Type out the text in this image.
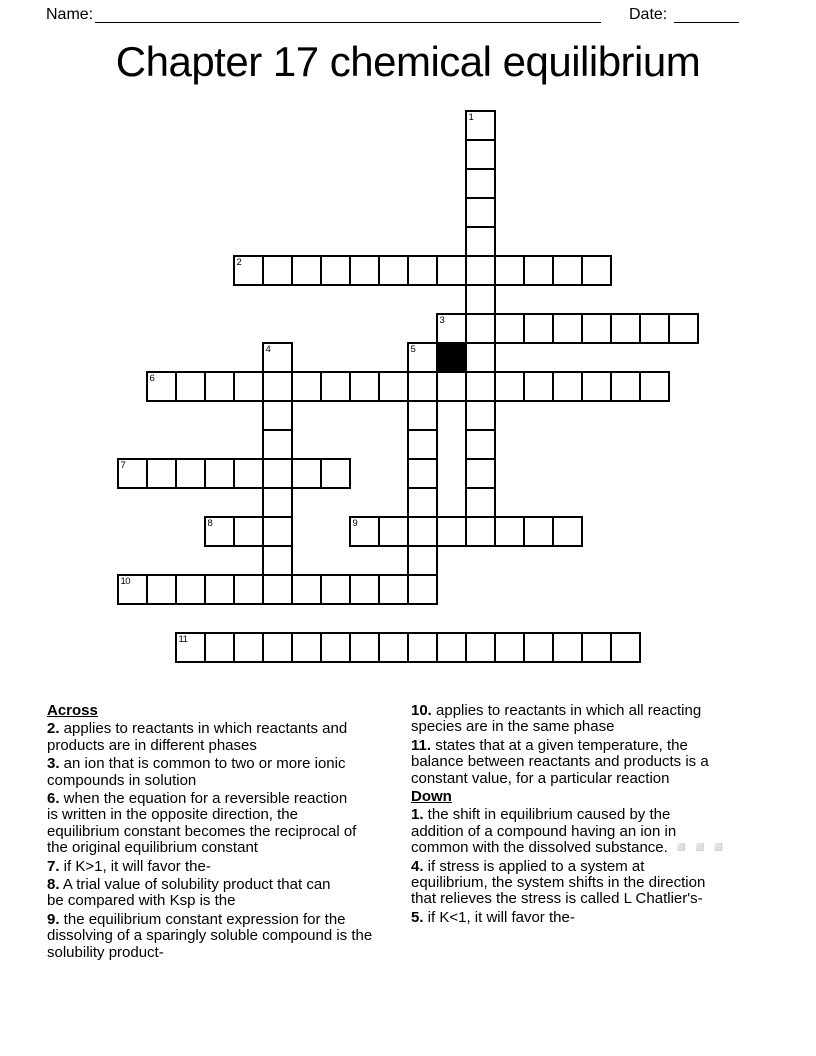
Name:	Date:
Chapter 17 chemical equilibrium
1
2
3
4	5
6
7
8	9
10
11
Across

2. applies to reactants in which reactants and
products are in different phases

3. an ion that is common to two or more ionic
compounds in solution

6. when the equation for a reversible reaction
is written in the opposite direction, the
equilibrium constant becomes the reciprocal of
the original equilibrium constant

7. if K>1, it will favor the-

8. A trial value of solubility product that can
be compared with Ksp is the

9. the equilibrium constant expression for the
dissolving of a sparingly soluble compound is the
solubility product-

10. applies to reactants in which all reacting
species are in the same phase

11. states that at a given temperature, the
balance between reactants and products is a
constant value, for a particular reaction

Down

1. the shift in equilibrium caused by the
addition of a compound having an ion in
common with the dissolved substance. ◽◽◽

4. if stress is applied to a system at
equilibrium, the system shifts in the direction
that relieves the stress is called L Chatlier's-

5. if K<1, it will favor the-
